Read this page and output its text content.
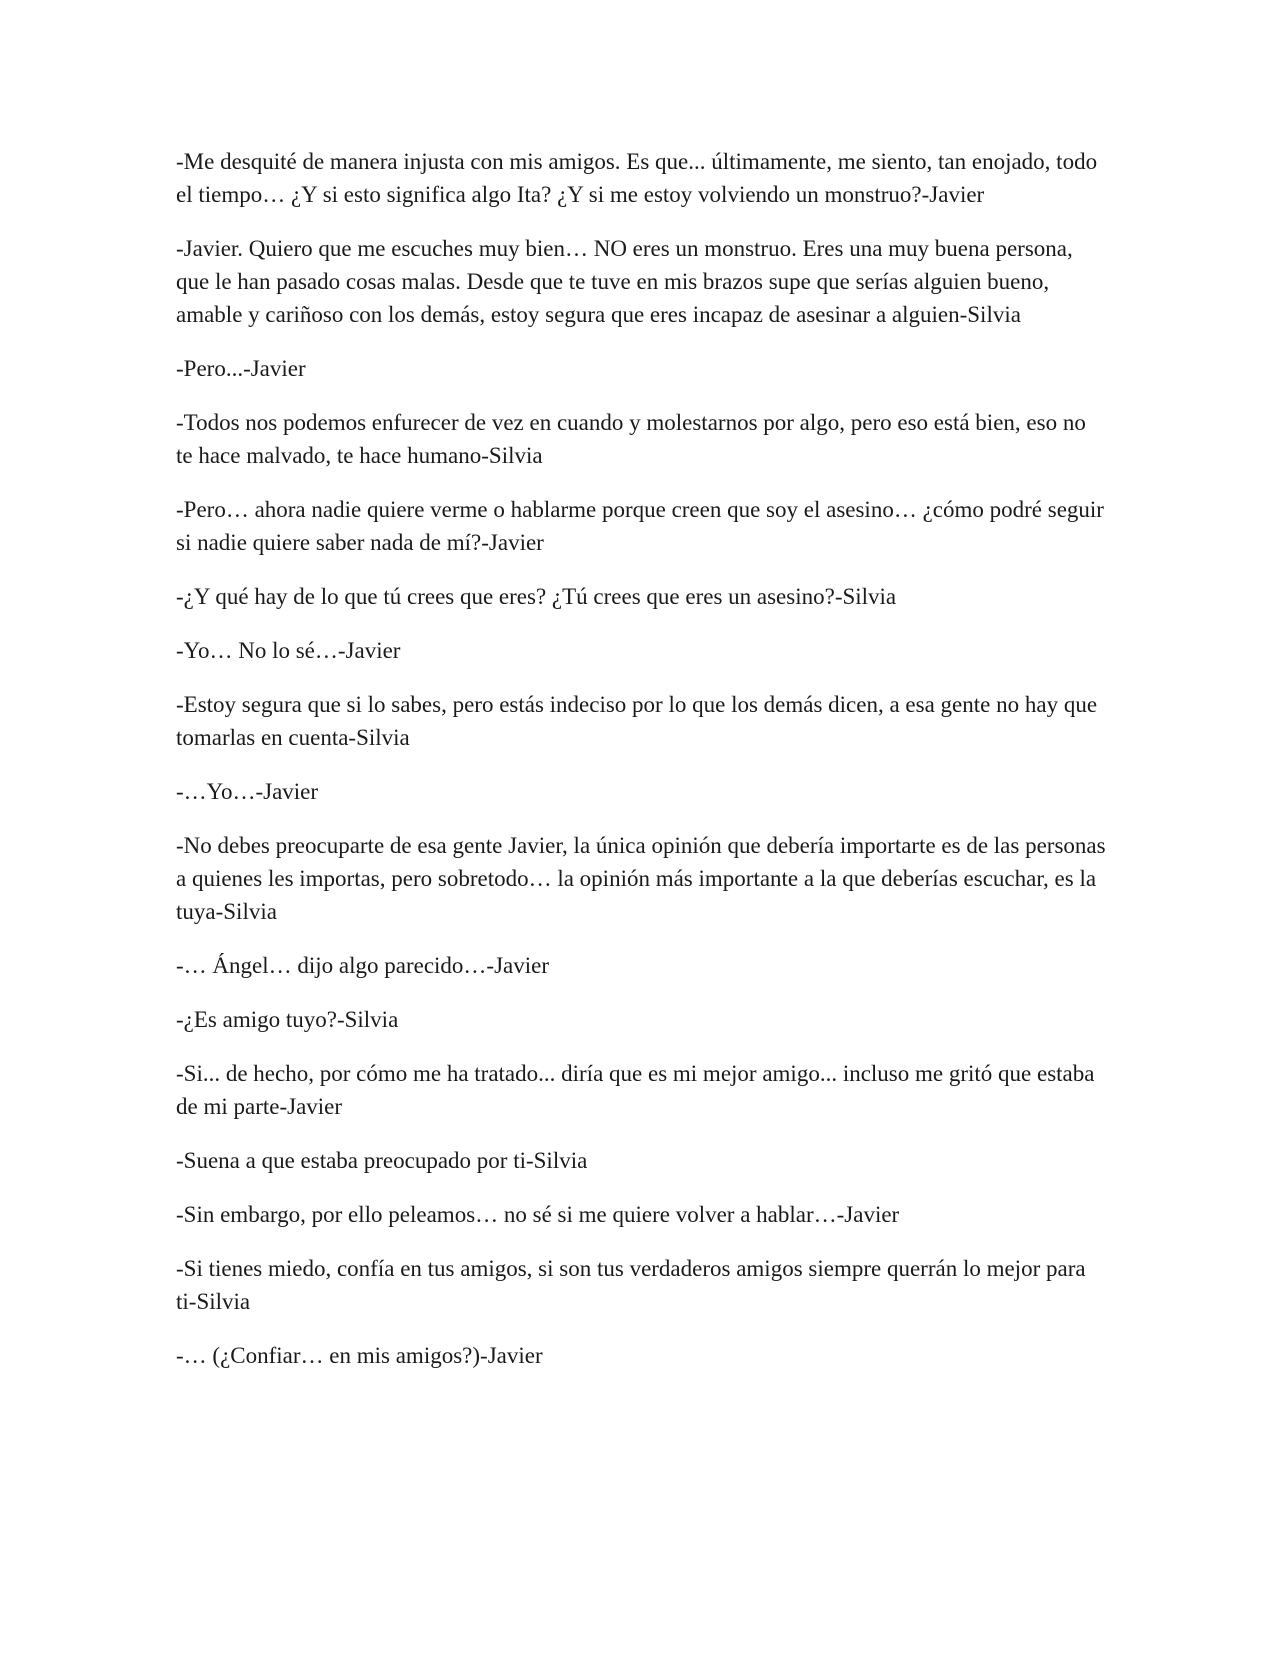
-Me desquité de manera injusta con mis amigos. Es que... últimamente, me siento, tan enojado, todo el tiempo… ¿Y si esto significa algo Ita? ¿Y si me estoy volviendo un monstruo?-Javier

-Javier. Quiero que me escuches muy bien… NO eres un monstruo. Eres una muy buena persona, que le han pasado cosas malas. Desde que te tuve en mis brazos supe que serías alguien bueno, amable y cariñoso con los demás, estoy segura que eres incapaz de asesinar a alguien-Silvia

-Pero...-Javier

-Todos nos podemos enfurecer de vez en cuando y molestarnos por algo, pero eso está bien, eso no te hace malvado, te hace humano-Silvia

-Pero… ahora nadie quiere verme o hablarme porque creen que soy el asesino… ¿cómo podré seguir si nadie quiere saber nada de mí?-Javier

-¿Y qué hay de lo que tú crees que eres? ¿Tú crees que eres un asesino?-Silvia

-Yo… No lo sé…-Javier

-Estoy segura que si lo sabes, pero estás indeciso por lo que los demás dicen, a esa gente no hay que tomarlas en cuenta-Silvia

-…Yo…-Javier

-No debes preocuparte de esa gente Javier, la única opinión que debería importarte es de las personas a quienes les importas, pero sobretodo… la opinión más importante a la que deberías escuchar, es la tuya-Silvia

-… Ángel… dijo algo parecido…-Javier

-¿Es amigo tuyo?-Silvia

-Si... de hecho, por cómo me ha tratado... diría que es mi mejor amigo... incluso me gritó que estaba de mi parte-Javier

-Suena a que estaba preocupado por ti-Silvia

-Sin embargo, por ello peleamos… no sé si me quiere volver a hablar…-Javier

-Si tienes miedo, confía en tus amigos, si son tus verdaderos amigos siempre querrán lo mejor para ti-Silvia

-… (¿Confiar… en mis amigos?)-Javier
